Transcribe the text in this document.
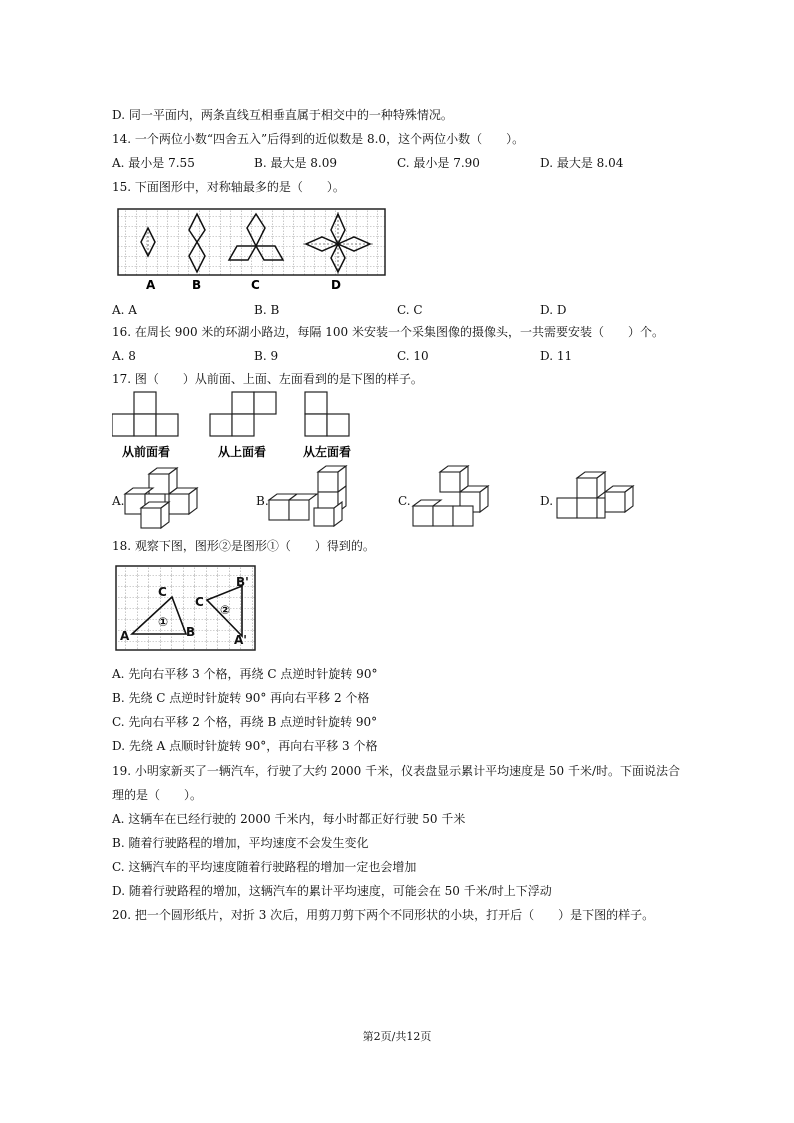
D. 同一平面内，两条直线互相垂直属于相交中的一种特殊情况。
14. 一个两位小数“四舍五入”后得到的近似数是 8.0，这个两位小数（　　）。
A. 最小是 7.55	B. 最大是 8.09	C. 最小是 7.90	D. 最大是 8.04
15. 下面图形中，对称轴最多的是（　　）。
A	B	C	D
A. A	B. B	C. C	D. D
16. 在周长 900 米的环湖小路边，每隔 100 米安装一个采集图像的摄像头，一共需要安装（　　）个。
A. 8	B. 9	C. 10	D. 11
17. 图（　　）从前面、上面、左面看到的是下图的样子。
从前面看	从上面看	从左面看
A.	B.	C.	D.
18. 观察下图，图形②是图形①（　　）得到的。
A
C
B
C
B'
A'
①
②
A. 先向右平移 3 个格，再绕 C 点逆时针旋转 90°
B. 先绕 C 点逆时针旋转 90° 再向右平移 2 个格
C. 先向右平移 2 个格，再绕 B 点逆时针旋转 90°
D. 先绕 A 点顺时针旋转 90°，再向右平移 3 个格
19. 小明家新买了一辆汽车，行驶了大约 2000 千米，仪表盘显示累计平均速度是 50 千米/时。下面说法合
理的是（　　）。
A. 这辆车在已经行驶的 2000 千米内，每小时都正好行驶 50 千米
B. 随着行驶路程的增加，平均速度不会发生变化
C. 这辆汽车的平均速度随着行驶路程的增加一定也会增加
D. 随着行驶路程的增加，这辆汽车的累计平均速度，可能会在 50 千米/时上下浮动
20. 把一个圆形纸片，对折 3 次后，用剪刀剪下两个不同形状的小块，打开后（　　）是下图的样子。
第2页/共12页
